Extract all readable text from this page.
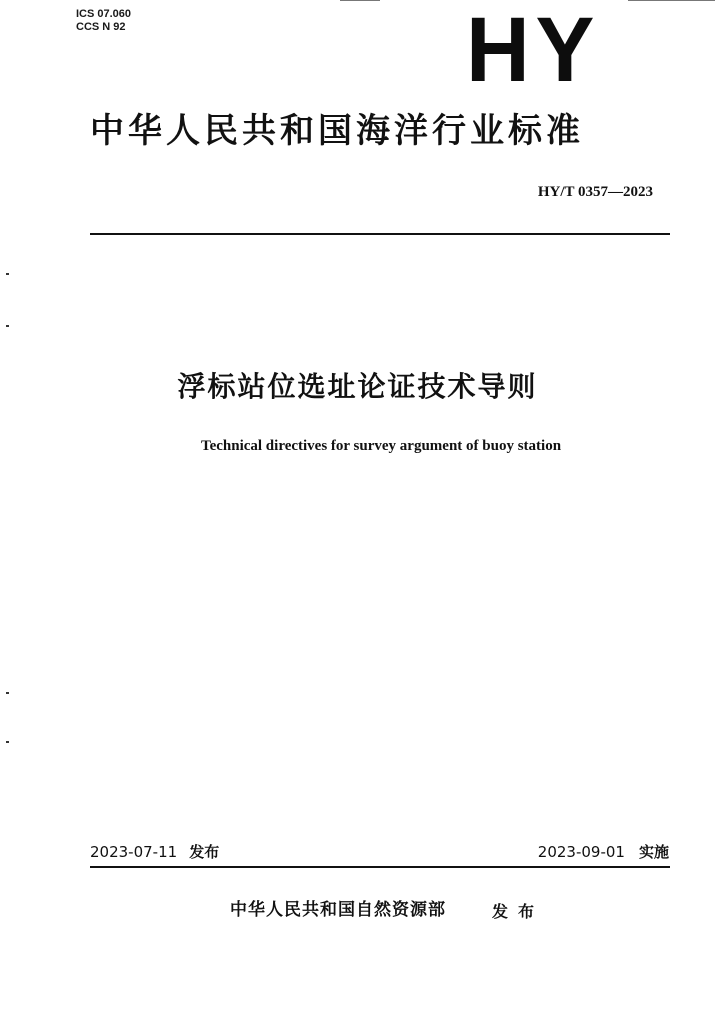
ICS 07.060
CCS N 92	HY
中华人民共和国海洋行业标准
HY/T 0357—2023
浮标站位选址论证技术导则
Technical directives for survey argument of buoy station
2023-07-11 发布	2023-09-01 实施
中华人民共和国自然资源部	发布
